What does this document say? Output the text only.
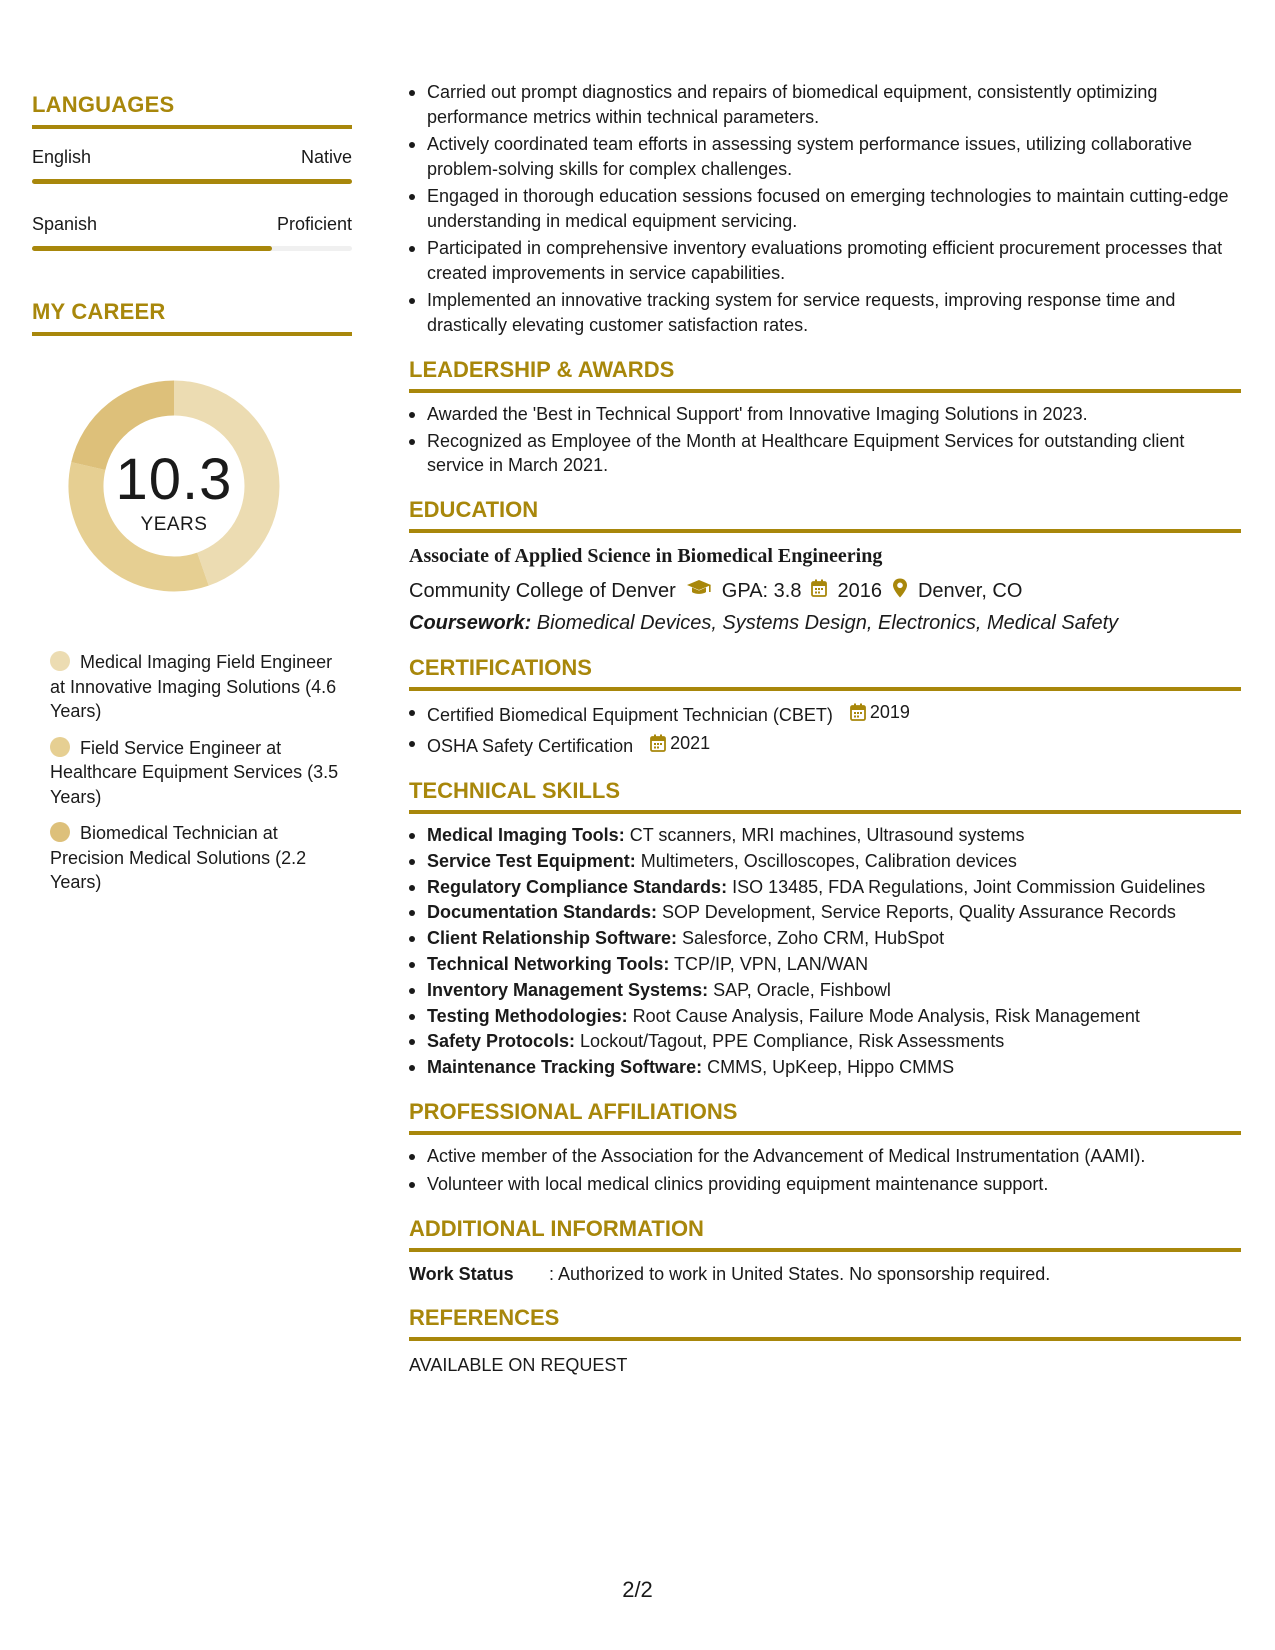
LANGUAGES
English	Native
Spanish	Proficient
MY CAREER
10.3
YEARS
Medical Imaging Field Engineer at Innovative Imaging Solutions (4.6 Years)
Field Service Engineer at Healthcare Equipment Services (3.5 Years)
Biomedical Technician at Precision Medical Solutions (2.2 Years)
Carried out prompt diagnostics and repairs of biomedical equipment, consistently optimizing performance metrics within technical parameters.
Actively coordinated team efforts in assessing system performance issues, utilizing collaborative problem-solving skills for complex challenges.
Engaged in thorough education sessions focused on emerging technologies to maintain cutting-edge understanding in medical equipment servicing.
Participated in comprehensive inventory evaluations promoting efficient procurement processes that created improvements in service capabilities.
Implemented an innovative tracking system for service requests, improving response time and drastically elevating customer satisfaction rates.
LEADERSHIP & AWARDS
Awarded the 'Best in Technical Support' from Innovative Imaging Solutions in 2023.
Recognized as Employee of the Month at Healthcare Equipment Services for outstanding client service in March 2021.
EDUCATION
Associate of Applied Science in Biomedical Engineering
Community College of Denver GPA: 3.8 2016 Denver, CO
Coursework: Biomedical Devices, Systems Design, Electronics, Medical Safety
CERTIFICATIONS
Certified Biomedical Equipment Technician (CBET) 2019
OSHA Safety Certification 2021
TECHNICAL SKILLS
Medical Imaging Tools: CT scanners, MRI machines, Ultrasound systems
Service Test Equipment: Multimeters, Oscilloscopes, Calibration devices
Regulatory Compliance Standards: ISO 13485, FDA Regulations, Joint Commission Guidelines
Documentation Standards: SOP Development, Service Reports, Quality Assurance Records
Client Relationship Software: Salesforce, Zoho CRM, HubSpot
Technical Networking Tools: TCP/IP, VPN, LAN/WAN
Inventory Management Systems: SAP, Oracle, Fishbowl
Testing Methodologies: Root Cause Analysis, Failure Mode Analysis, Risk Management
Safety Protocols: Lockout/Tagout, PPE Compliance, Risk Assessments
Maintenance Tracking Software: CMMS, UpKeep, Hippo CMMS
PROFESSIONAL AFFILIATIONS
Active member of the Association for the Advancement of Medical Instrumentation (AAMI).
Volunteer with local medical clinics providing equipment maintenance support.
ADDITIONAL INFORMATION
Work Status	: Authorized to work in United States. No sponsorship required.
REFERENCES
AVAILABLE ON REQUEST
2/2
